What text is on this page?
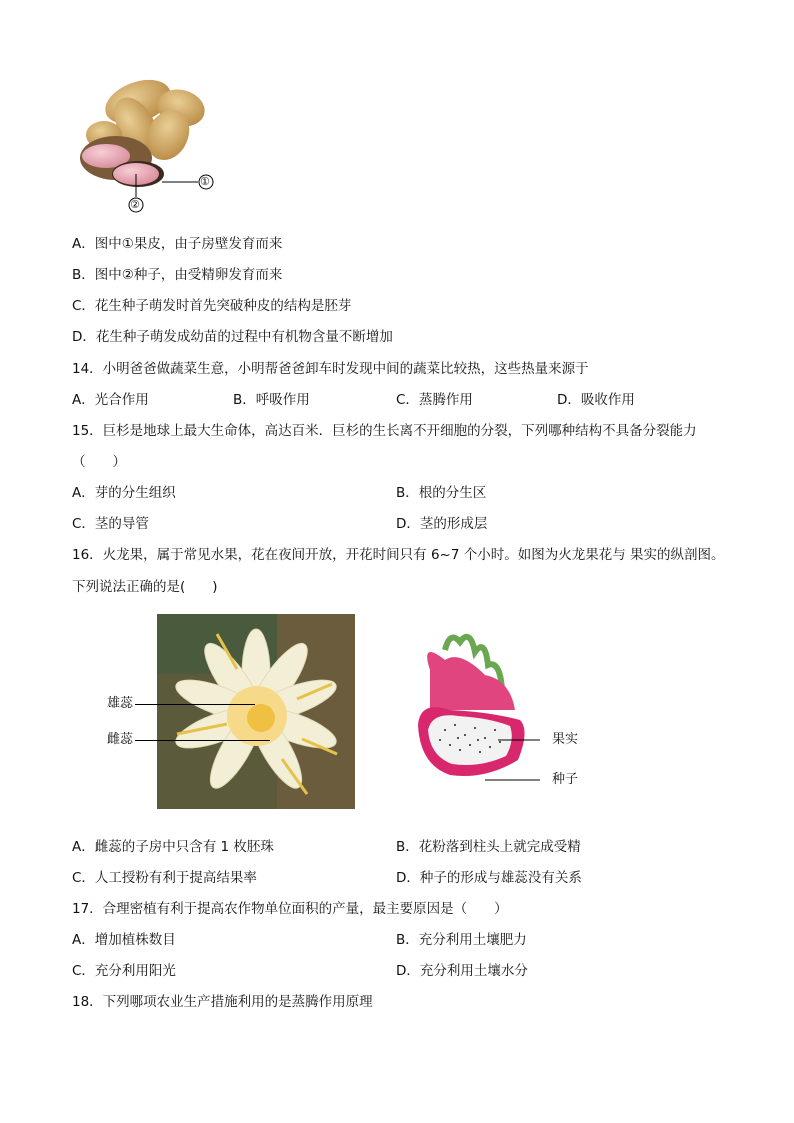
①
②
A．图中①果皮，由子房壁发育而来
B．图中②种子，由受精卵发育而来
C．花生种子萌发时首先突破种皮的结构是胚芽
D．花生种子萌发成幼苗的过程中有机物含量不断增加
14．小明爸爸做蔬菜生意，小明帮爸爸卸车时发现中间的蔬菜比较热，这些热量来源于
A．光合作用	B．呼吸作用	C．蒸腾作用	D．吸收作用
15．巨杉是地球上最大生命体，高达百米．巨杉的生长离不开细胞的分裂，下列哪种结构不具备分裂能力
（　　）
A．芽的分生组织	B．根的分生区
C．茎的导管	D．茎的形成层
16．火龙果，属于常见水果，花在夜间开放，开花时间只有 6~7 个小时。如图为火龙果花与 果实的纵剖图。
下列说法正确的是(　　)
雄蕊
雌蕊	果实
种子
A．雌蕊的子房中只含有 1 枚胚珠	B．花粉落到柱头上就完成受精
C．人工授粉有利于提高结果率	D．种子的形成与雄蕊没有关系
17．合理密植有利于提高农作物单位面积的产量，最主要原因是（　　）
A．增加植株数目	B．充分利用土壤肥力
C．充分利用阳光	D．充分利用土壤水分
18．下列哪项农业生产措施利用的是蒸腾作用原理
